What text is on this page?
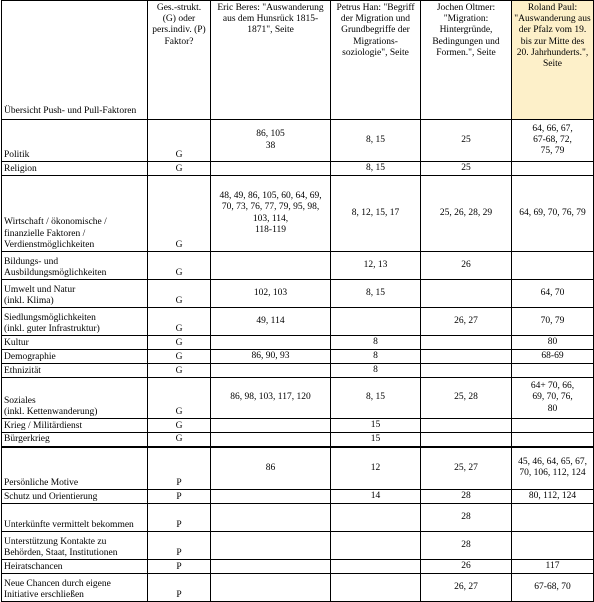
Übersicht Push- und Pull-Faktoren	Ges.-strukt. (G) oder pers.indiv. (P) Faktor?	Eric Beres: "Auswanderung aus dem Hunsrück 1815-1871", Seite	Petrus Han: "Begriff der Migration und Grundbegriffe der Migrations-soziologie", Seite	Jochen Oltmer: "Migration: Hintergründe, Bedingungen und Formen.", Seite	Roland Paul: "Auswanderung aus der Pfalz vom 19. bis zur Mitte des 20. Jahrhunderts.", Seite
Politik	G	86, 105
38	8, 15	25	64, 66, 67,
67-68, 72,
75, 79
Religion	G		8, 15	25	
Wirtschaft / ökonomische / finanzielle Faktoren / Verdienstmöglichkeiten	G	48, 49, 86, 105, 60, 64, 69, 70, 73, 76, 77, 79, 95, 98, 103, 114,
118-119	8, 12, 15, 17	25, 26, 28, 29	64, 69, 70, 76, 79
Bildungs- und Ausbildungsmöglichkeiten	G		12, 13	26	
Umwelt und Natur
(inkl. Klima)	G	102, 103	8, 15		64, 70
Siedlungsmöglichkeiten
(inkl. guter Infrastruktur)	G	49, 114		26, 27	70, 79
Kultur	G		8		80
Demographie	G	86, 90, 93	8		68-69
Ethnizität	G		8		
Soziales
(inkl. Kettenwanderung)	G	86, 98, 103, 117, 120	8, 15	25, 28	64+ 70, 66,
69, 70, 76,
80
Krieg / Militärdienst	G		15		
Bürgerkrieg	G		15		
Persönliche Motive	P	86	12	25, 27	45, 46, 64, 65, 67,
70, 106, 112, 124
Schutz und Orientierung	P		14	28	80, 112, 124
Unterkünfte vermittelt bekommen	P			28	
Unterstützung Kontakte zu Behörden, Staat, Institutionen	P			28	
Heiratschancen	P			26	117
Neue Chancen durch eigene Initiative erschließen	P			26, 27	67-68, 70
